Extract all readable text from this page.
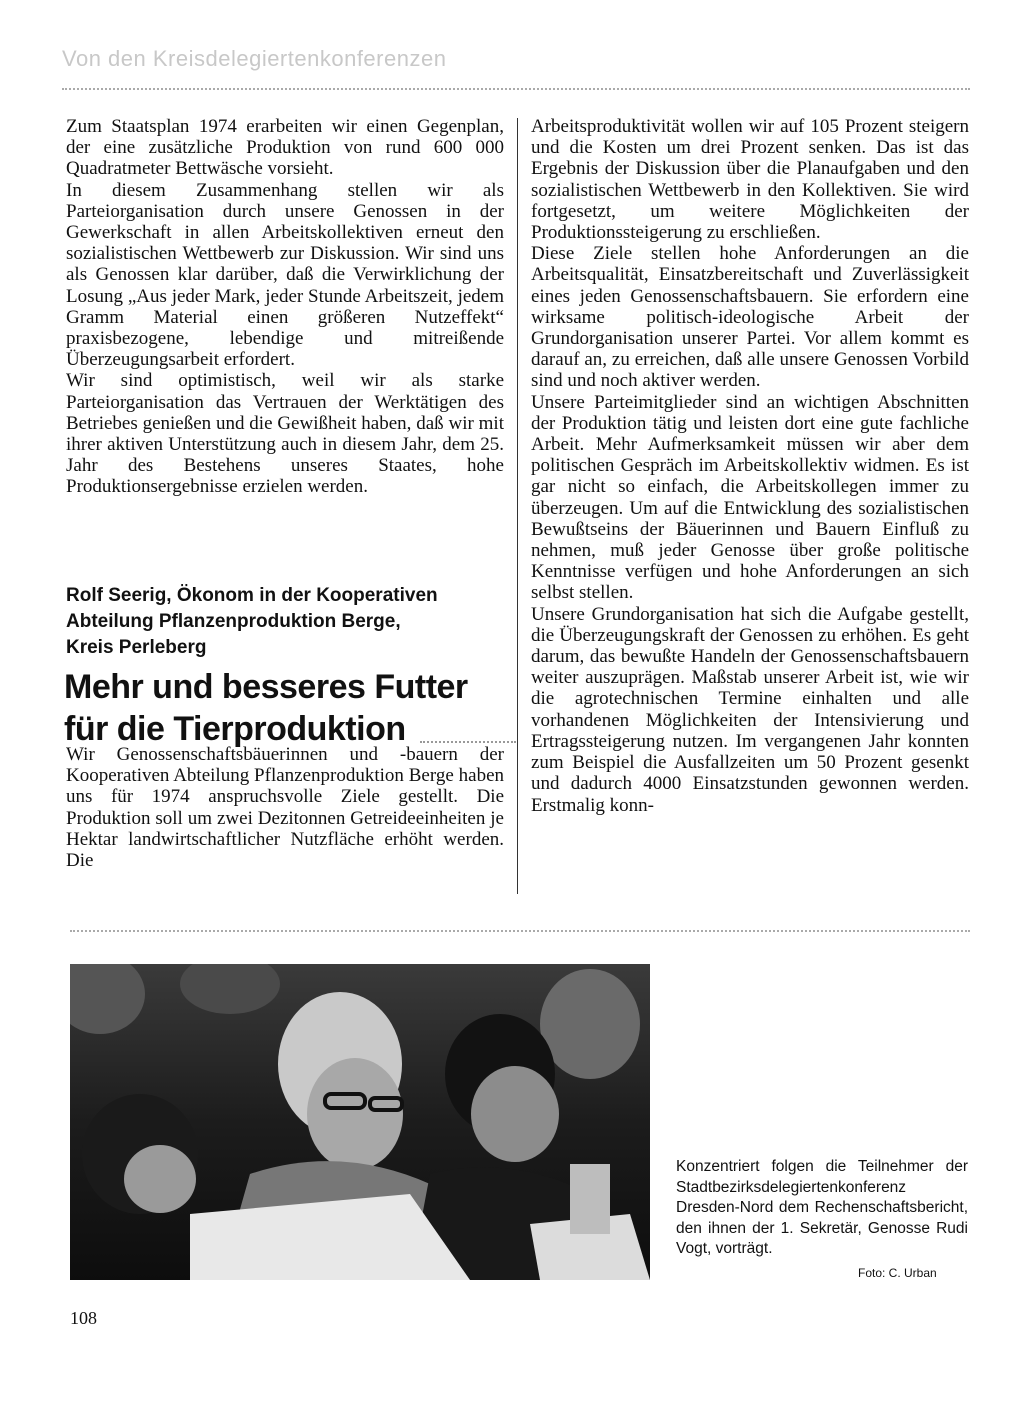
Von den Kreisdelegiertenkonferenzen

Zum Staatsplan 1974 erarbeiten wir einen Gegenplan, der eine zusätzliche Produktion von rund 600 000 Quadratmeter Bettwäsche vorsieht.

In diesem Zusammenhang stellen wir als Parteiorganisation durch unsere Genossen in der Gewerkschaft in allen Arbeitskollektiven erneut den sozialistischen Wettbewerb zur Diskussion. Wir sind uns als Genossen klar darüber, daß die Verwirklichung der Losung „Aus jeder Mark, jeder Stunde Arbeitszeit, jedem Gramm Material einen größeren Nutzeffekt“ praxisbezogene, lebendige und mitreißende Überzeugungsarbeit erfordert.

Wir sind optimistisch, weil wir als starke Parteiorganisation das Vertrauen der Werktätigen des Betriebes genießen und die Gewißheit haben, daß wir mit ihrer aktiven Unterstützung auch in diesem Jahr, dem 25. Jahr des Bestehens unseres Staates, hohe Produktionsergebnisse erzielen werden.

Rolf Seerig, Ökonom in der Kooperativen
Abteilung Pflanzenproduktion Berge,
Kreis Perleberg
Mehr und besseres Futter
für die Tierproduktion

Wir Genossenschaftsbäuerinnen und -bauern der Kooperativen Abteilung Pflanzenproduktion Berge haben uns für 1974 anspruchsvolle Ziele gestellt. Die Produktion soll um zwei Dezitonnen Getreideeinheiten je Hektar landwirtschaftlicher Nutzfläche erhöht werden. Die

Arbeitsproduktivität wollen wir auf 105 Prozent steigern und die Kosten um drei Prozent senken. Das ist das Ergebnis der Diskussion über die Planaufgaben und den sozialistischen Wettbewerb in den Kollektiven. Sie wird fortgesetzt, um weitere Möglichkeiten der Produktionssteigerung zu erschließen.

Diese Ziele stellen hohe Anforderungen an die Arbeitsqualität, Einsatzbereitschaft und Zuverlässigkeit eines jeden Genossenschaftsbauern. Sie erfordern eine wirksame politisch-ideologische Arbeit der Grundorganisation unserer Partei. Vor allem kommt es darauf an, zu erreichen, daß alle unsere Genossen Vorbild sind und noch aktiver werden.

Unsere Parteimitglieder sind an wichtigen Abschnitten der Produktion tätig und leisten dort eine gute fachliche Arbeit. Mehr Aufmerksamkeit müssen wir aber dem politischen Gespräch im Arbeitskollektiv widmen. Es ist gar nicht so einfach, die Arbeitskollegen immer zu überzeugen. Um auf die Entwicklung des sozialistischen Bewußtseins der Bäuerinnen und Bauern Einfluß zu nehmen, muß jeder Genosse über große politische Kenntnisse verfügen und hohe Anforderungen an sich selbst stellen.

Unsere Grundorganisation hat sich die Aufgabe gestellt, die Überzeugungskraft der Genossen zu erhöhen. Es geht darum, das bewußte Handeln der Genossenschaftsbauern weiter auszuprägen. Maßstab unserer Arbeit ist, wie wir die agrotechnischen Termine einhalten und alle vorhandenen Möglichkeiten der Intensivierung und Ertragssteigerung nutzen. Im vergangenen Jahr konnten zum Beispiel die Ausfallzeiten um 50 Prozent gesenkt und dadurch 4000 Einsatzstunden gewonnen werden. Erstmalig konn-

Konzentriert folgen die Teilnehmer der Stadtbezirksdelegiertenkonferenz Dresden-Nord dem Rechenschaftsbericht, den ihnen der 1. Sekretär, Genosse Rudi Vogt, vorträgt.
Foto: C. Urban
108
